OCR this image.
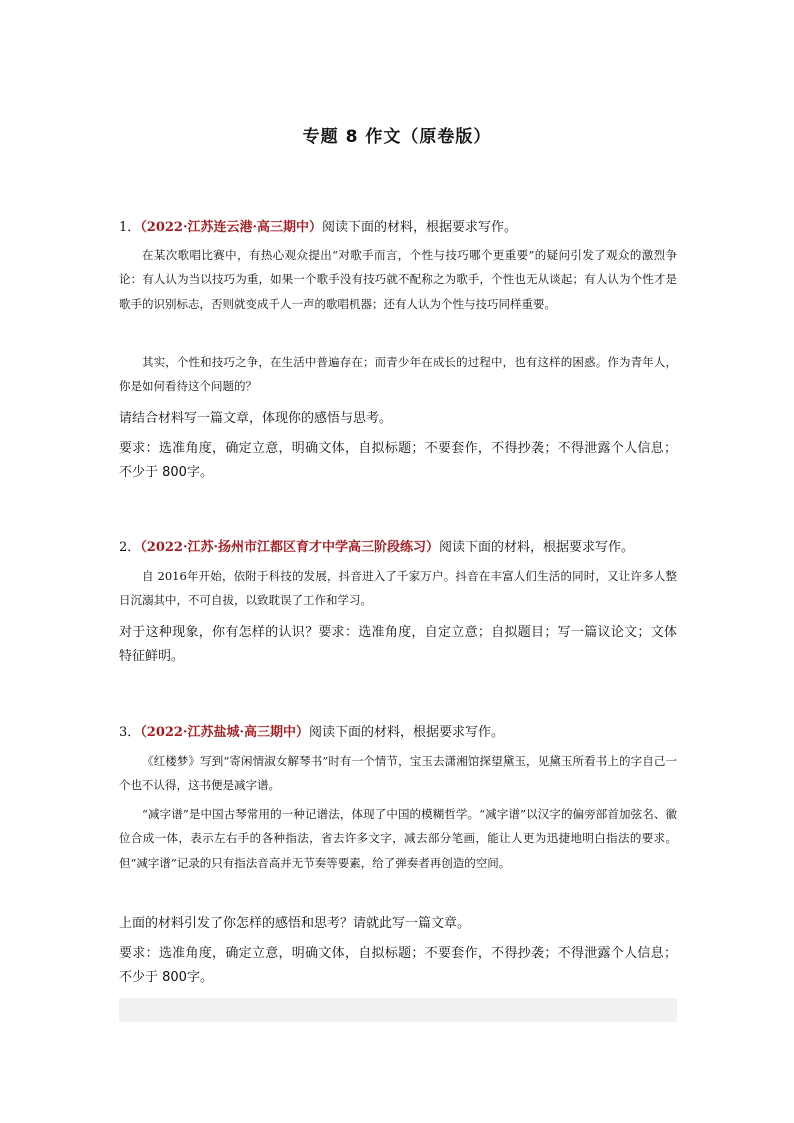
专题 8 作文（原卷版）
1．（2022·江苏连云港·高三期中）阅读下面的材料，根据要求写作。

在某次歌唱比赛中，有热心观众提出“对歌手而言，个性与技巧哪个更重要”的疑问引发了观众的激烈争论：有人认为当以技巧为重，如果一个歌手没有技巧就不配称之为歌手，个性也无从谈起；有人认为个性才是歌手的识别标志，否则就变成千人一声的歌唱机器；还有人认为个性与技巧同样重要。

其实，个性和技巧之争，在生活中普遍存在；而青少年在成长的过程中，也有这样的困惑。作为青年人，你是如何看待这个问题的？

请结合材料写一篇文章，体现你的感悟与思考。

要求：选准角度，确定立意，明确文体，自拟标题；不要套作，不得抄袭；不得泄露个人信息；不少于 800字。

2．（2022·江苏·扬州市江都区育才中学高三阶段练习）阅读下面的材料，根据要求写作。

自 2016年开始，依附于科技的发展，抖音进入了千家万户。抖音在丰富人们生活的同时，又让许多人整日沉溺其中，不可自拔，以致耽误了工作和学习。

对于这种现象，你有怎样的认识？要求：选准角度，自定立意；自拟题目；写一篇议论文；文体特征鲜明。

3．（2022·江苏盐城·高三期中）阅读下面的材料，根据要求写作。

《红楼梦》写到“寄闲情淑女解琴书”时有一个情节，宝玉去潇湘馆探望黛玉，见黛玉所看书上的字自己一个也不认得，这书便是减字谱。

“减字谱”是中国古琴常用的一种记谱法，体现了中国的模糊哲学。“减字谱”以汉字的偏旁部首加弦名、徽位合成一体，表示左右手的各种指法，省去许多文字，减去部分笔画，能让人更为迅捷地明白指法的要求。但“减字谱”记录的只有指法音高并无节奏等要素，给了弹奏者再创造的空间。

上面的材料引发了你怎样的感悟和思考？请就此写一篇文章。

要求：选准角度，确定立意，明确文体，自拟标题；不要套作，不得抄袭；不得泄露个人信息；不少于 800字。
